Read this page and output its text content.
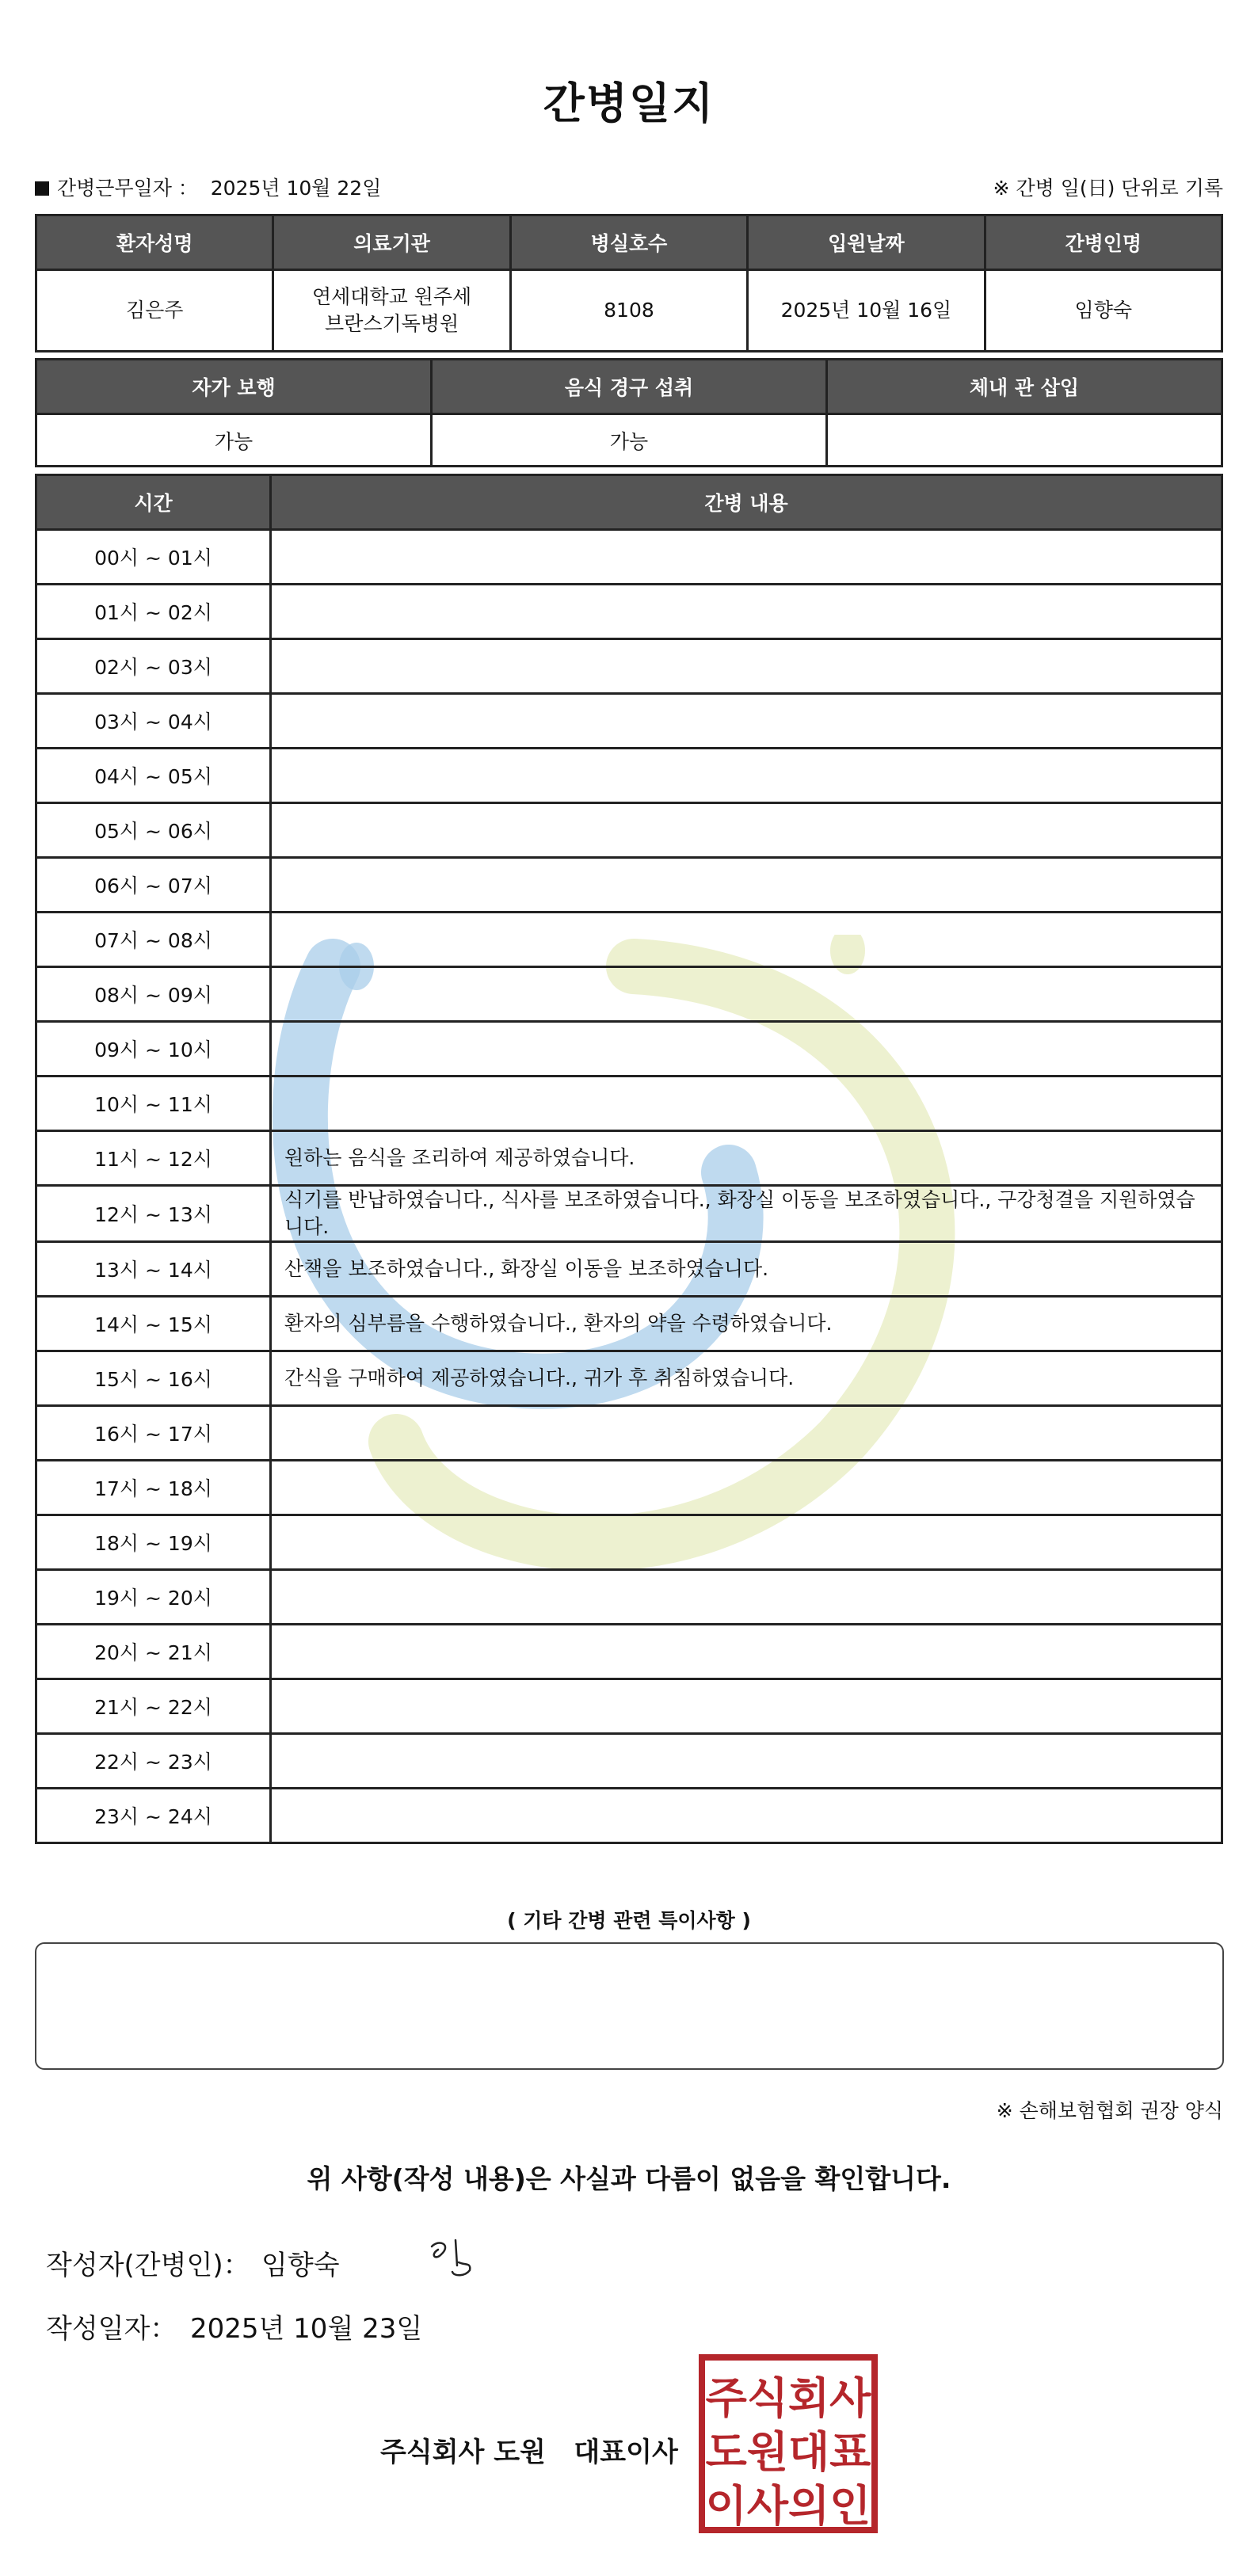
간병일지
간병근무일자 ： 2025년 10월 22일	※ 간병 일(日) 단위로 기록
환자성명	의료기관	병실호수	입원날짜	간병인명
김은주	연세대학교 원주세브란스기독병원	8108	2025년 10월 16일	임향숙
자가 보행	음식 경구 섭취	체내 관 삽입
가능	가능	
시간	간병 내용
00시 ~ 01시	
01시 ~ 02시	
02시 ~ 03시	
03시 ~ 04시	
04시 ~ 05시	
05시 ~ 06시	
06시 ~ 07시	
07시 ~ 08시	
08시 ~ 09시	
09시 ~ 10시	
10시 ~ 11시	
11시 ~ 12시	원하는 음식을 조리하여 제공하였습니다.
12시 ~ 13시	식기를 반납하였습니다., 식사를 보조하였습니다., 화장실 이동을 보조하였습니다., 구강청결을 지원하였습니다.
13시 ~ 14시	산책을 보조하였습니다., 화장실 이동을 보조하였습니다.
14시 ~ 15시	환자의 심부름을 수행하였습니다., 환자의 약을 수령하였습니다.
15시 ~ 16시	간식을 구매하여 제공하였습니다., 귀가 후 취침하였습니다.
16시 ~ 17시	
17시 ~ 18시	
18시 ~ 19시	
19시 ~ 20시	
20시 ~ 21시	
21시 ~ 22시	
22시 ~ 23시	
23시 ~ 24시	
( 기타 간병 관련 특이사항 )
※ 손해보험협회 권장 양식
위 사항(작성 내용)은 사실과 다름이 없음을 확인합니다.
작성자(간병인)： 임향숙
작성일자： 2025년 10월 23일
주식회사 도원   대표이사
주식회사
도원대표
이사의인
